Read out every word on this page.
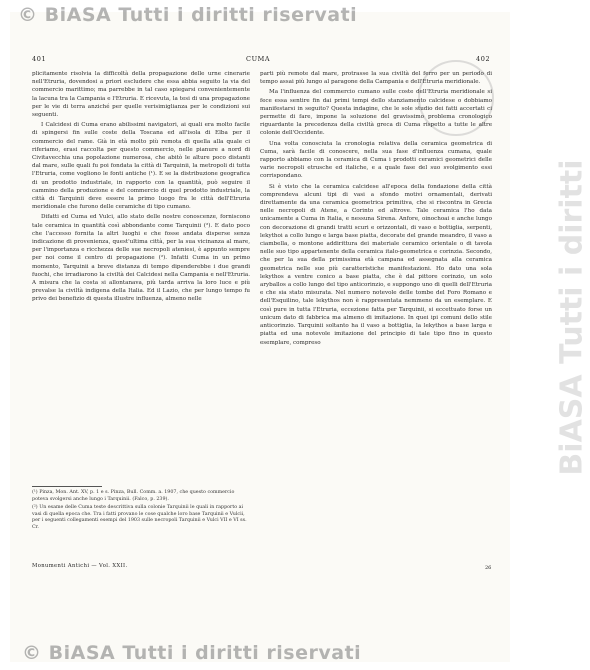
© BiASA Tutti i diritti riservati
© BiASA Tutti i diritti riservati
BiASA Tutti i diritti
401	CUMA	402

plicitamente risolvia la difficoltà della propagazione delle urne cinerarie nell'Etruria, dovendosi a priori escludere che essa abbia seguito la via del commercio marittimo; ma parrebbe in tal caso spiegarsi convenientemente la lacuna tra la Campania e l'Etruria. E ricevuta, la tesi di una propagazione per le vie di terra anziché per quelle verisimiglianza per le condizioni sui seguenti.

I Calcidesi di Cuma erano abilissimi navigatori, ai quali era molto facile di spingersi fin sulle coste della Toscana ed all'isola di Elba per il commercio del rame. Già in età molto più remota di quella alla quale ci riferiamo, erasi raccolta per questo commercio, nelle pianure a nord di Civitavecchia una popolazione numerosa, che abitò le alture poco distanti dal mare, sulle quali fu poi fondata la città di Tarquinii, la metropoli di tutta l'Etruria, come vogliono le fonti antiche (¹). E se la distribuzione geografica di un prodotto industriale, in rapporto con la quantità, può seguire il cammino della produzione e del commercio di quel prodotto industriale, la città di Tarquinii deve essere la primo luogo fra le città dell'Etruria meridionale che furono delle ceramiche di tipo cumano.

Difatti ed Cuma ed Vulci, allo stato delle nostre conoscenze, forniscono tale ceramica in quantità così abbondante come Tarquinii (²). E dato poco che l'accesso fornita la altri luoghi e che fosse andata disperse senza indicazione di provenienza, quest'ultima città, per la sua vicinanza al mare, per l'importanza e ricchezza delle sue necropoli ateniesi, è appunto sempre per noi come il centro di propagazione (²). Infatti Cuma in un primo momento, Tarquinii a breve distanza di tempo dipenderebbe i due grandi fuochi, che irradiarono la civiltà dei Calcidesi nella Campania e nell'Etruria. A misura che la costa si allontanava, più tarda arriva la loro luce e più prevalse la civiltà indigena della Italia. Ed il Lazio, che per lungo tempo fu privo dei benefizio di questa illustre influenza, almeno nelle

parti più remote dal mare, protrasse la sua civiltà del ferro per un periodo di tempo assai più lungo al paragone della Campania e dell'Etruria meridionale.

Ma l'influenza del commercio cumano sulle coste dell'Etruria meridionale si fece essa sentire fin dai primi tempi dello stanziamento calcidese o dobbiamo manifestarsi in seguito? Questa indagine, che le sole studio dei fatti accertati ci permette di fare, impone la soluzione del gravissimo problema cronologico riguardante la precedenza della civiltà greca di Cuma rispetto a tutte le altre colonie dell'Occidente.

Una volta conosciuta la cronologia relativa della ceramica geometrica di Cuma, sarà facile di conoscere, nella sua fase d'influenza cumana, quale rapporto abbiamo con la ceramica di Cuma i prodotti ceramici geometrici delle varie necropoli etrusche ed italiche, e a quale fase del suo svolgimento essi corrispondano.

Si è visto che la ceramica calcidese all'epoca della fondazione della città comprendeva alcuni tipi di vasi a sfondo motivi ornamentali, derivati direttamente da una ceramica geometrica primitiva, che si riscontra in Grecia nelle necropoli di Atene, a Corinto ed altrove. Tale ceramica l'ho data unicamente a Cuma in Italia, e nessuna Sirena. Anfore, oinochoai e anche lungo con decorazione di grandi tratti scuri e orizzontali, di vaso e bottiglia, serpenti, lekythoi a collo lungo e larga base piatta, decorate del grande meandro, il vaso a ciambella, o montone addirittura dei materiale ceramico orientale o di tavola nelle suo tipo appartenente della ceramica italo-geometrica e corinzia. Secondo, che per la sua della primissima età campana ed assegnata alla ceramica geometrica nelle sue più caratteristiche manifestazioni. Ho dato una sola lekythos a ventre conico a base piatta, che è dal pittore corinzio, un solo aryballos a collo lungo del tipo anticorinzio, e suppongo uno di quelli dell'Etruria e che sia stato misurata. Nel numero notevole delle tombe del Foro Romano e dell'Esquilino, tale lekythos non è rappresentata nemmeno da un esemplare. E così pure in tutta l'Etruria, eccezione fatta per Tarquinii, si eccettuato forse un unicum dato di fabbrica ma almeno di imitazione. In quei ipi comuni dello stile anticorinzio. Tarquinii soltanto ha il vaso a bottiglia, la lekythos a base larga e piatta ed una notevole imitazione del principio di tale tipo fino in questo esemplare, compreso

(¹) Pinza, Mon. Ant. XV, p. 1 e s. Pinza, Bull. Comm. a. 1907, che questo commercio poteva svolgersi anche lungo i Tarquinii. (Falco, p. 239).

(²) Un esame delle Cuma teste descrittiva sulla colonie Tarquinii le quali in rapporto ai vasi di quella epoca che. Tra i fatti provano le cose qualche loro base Tarquinii e Vulcii, per i seguenti collegamenti esempi del 1903 sulle necropoli Tarquinii e Vulci VII e VI ss. Cr.

Monumenti Antichi — Vol. XXII.	26
